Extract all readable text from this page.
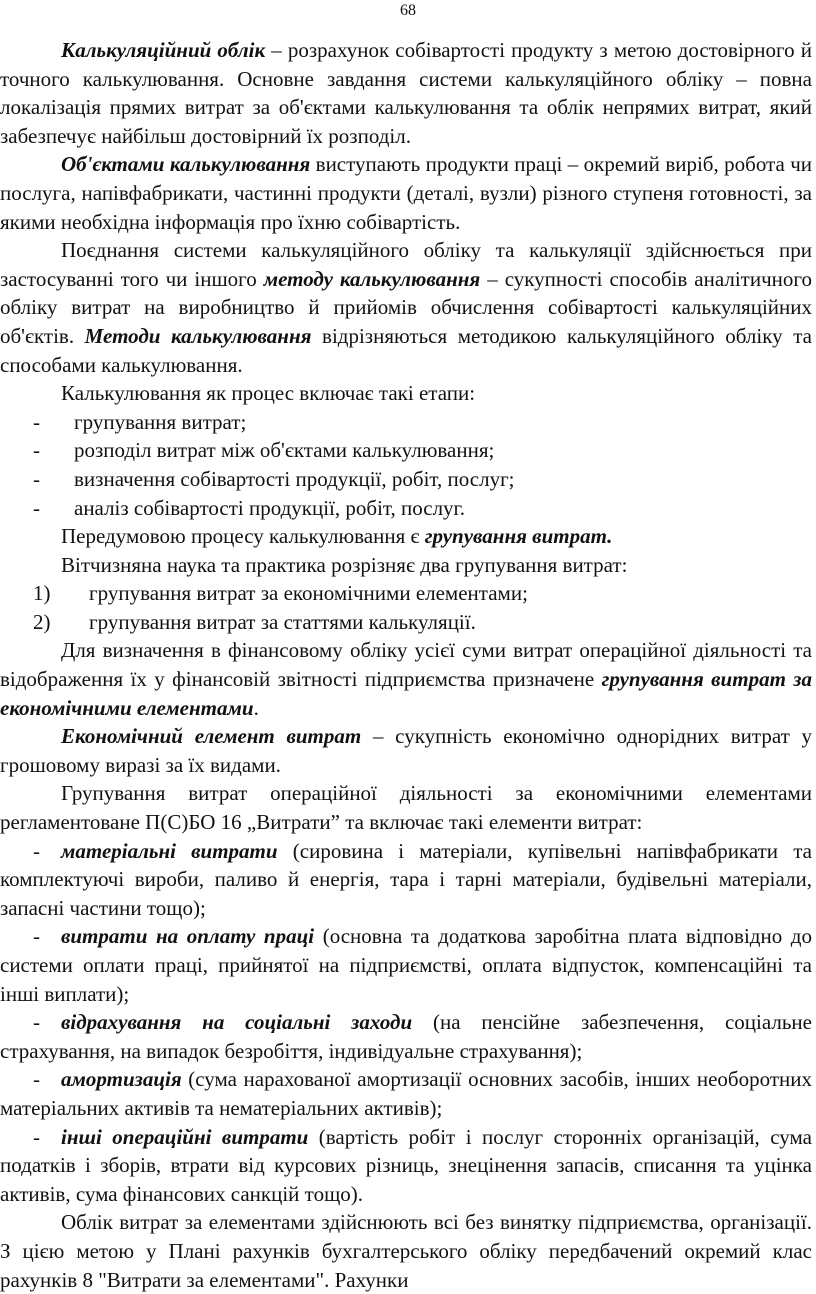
68

Калькуляційний облік – розрахунок собівартості продукту з метою достовірного й точного калькулювання. Основне завдання системи калькуляційного обліку – повна локалізація прямих витрат за об'єктами калькулювання та облік непрямих витрат, який забезпечує найбільш достовірний їх розподіл.

Об'єктами калькулювання виступають продукти праці – окремий виріб, робота чи послуга, напівфабрикати, частинні продукти (деталі, вузли) різного ступеня готовності, за якими необхідна інформація про їхню собівартість.

Поєднання системи калькуляційного обліку та калькуляції здійснюється при застосуванні того чи іншого методу калькулювання – сукупності способів аналітичного обліку витрат на виробництво й прийомів обчислення собівартості калькуляційних об'єктів. Методи калькулювання відрізняються методикою калькуляційного обліку та способами калькулювання.

Калькулювання як процес включає такі етапи:

-	групування витрат;
-	розподіл витрат між об'єктами калькулювання;
-	визначення собівартості продукції, робіт, послуг;
-	аналіз собівартості продукції, робіт, послуг.

Передумовою процесу калькулювання є групування витрат.

Вітчизняна наука та практика розрізняє два групування витрат:

1)	групування витрат за економічними елементами;
2)	групування витрат за статтями калькуляції.

Для визначення в фінансовому обліку усієї суми витрат операційної діяльності та відображення їх у фінансовій звітності підприємства призначене групування витрат за економічними елементами.

Економічний елемент витрат – сукупність економічно однорідних витрат у грошовому виразі за їх видами.

Групування витрат операційної діяльності за економічними елементами регламентоване П(С)БО 16 „Витрати” та включає такі елементи витрат:

- матеріальні витрати (сировина і матеріали, купівельні напівфабрикати та комплектуючі вироби, паливо й енергія, тара і тарні матеріали, будівельні матеріали, запасні частини тощо);

- витрати на оплату праці (основна та додаткова заробітна плата відповідно до системи оплати праці, прийнятої на підприємстві, оплата відпусток, компенсаційні та інші виплати);

- відрахування на соціальні заходи (на пенсійне забезпечення, соціальне страхування, на випадок безробіття, індивідуальне страхування);

- амортизація (сума нарахованої амортизації основних засобів, інших необоротних матеріальних активів та нематеріальних активів);

- інші операційні витрати (вартість робіт і послуг сторонніх організацій, сума податків і зборів, втрати від курсових різниць, знецінення запасів, списання та уцінка активів, сума фінансових санкцій тощо).

Облік витрат за елементами здійснюють всі без винятку підприємства, організації. З цією метою у Плані рахунків бухгалтерського обліку передбачений окремий клас рахунків 8 "Витрати за елементами". Рахунки
